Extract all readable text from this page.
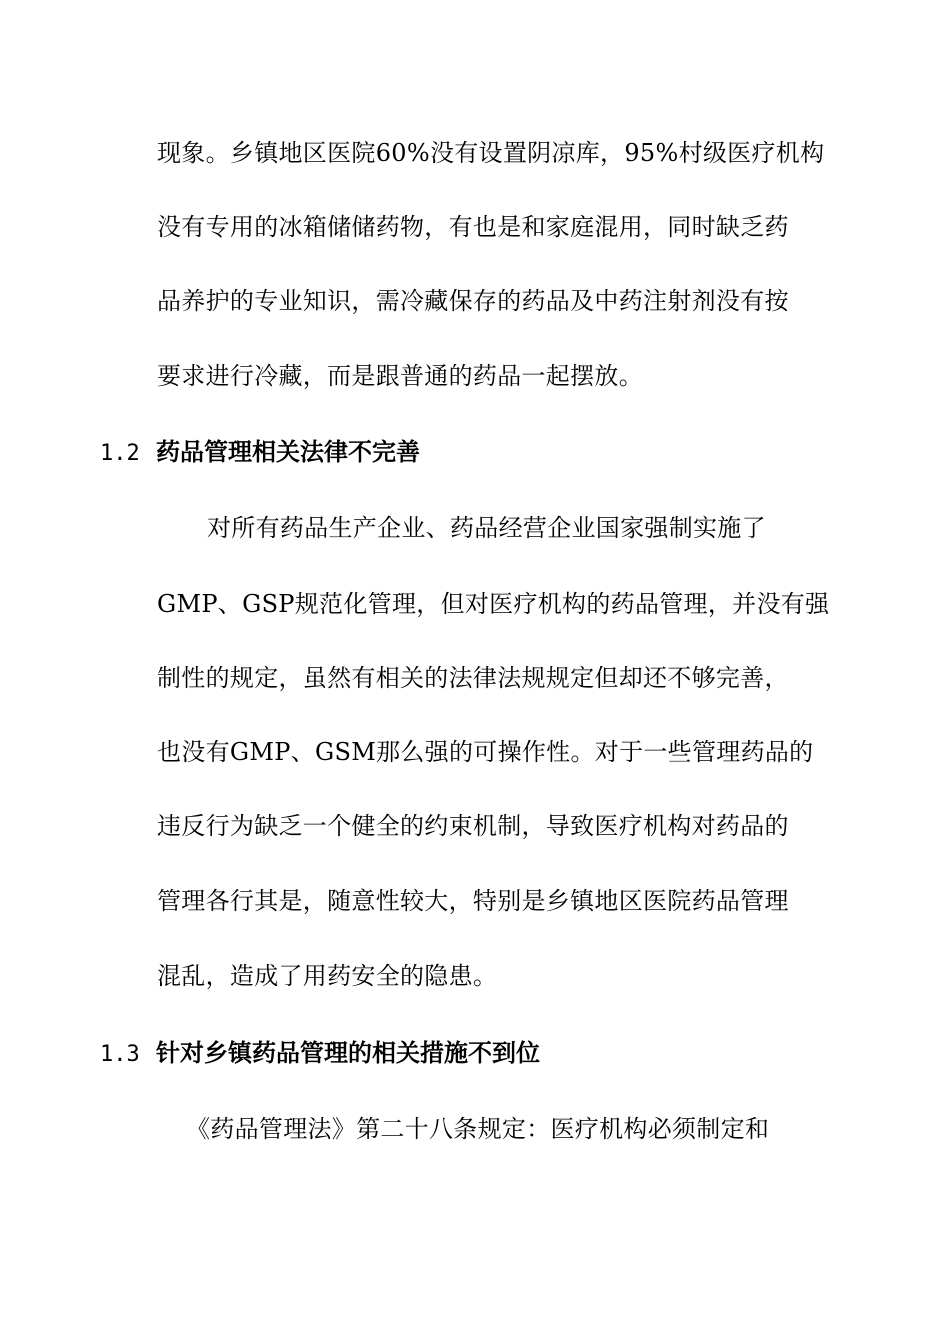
现象。乡镇地区医院60%没有设置阴凉库，95%村级医疗机构
没有专用的冰箱储储药物，有也是和家庭混用，同时缺乏药
品养护的专业知识，需冷藏保存的药品及中药注射剂没有按
要求进行冷藏，而是跟普通的药品一起摆放。
1.2 药品管理相关法律不完善
对所有药品生产企业、药品经营企业国家强制实施了
GMP、GSP规范化管理，但对医疗机构的药品管理，并没有强
制性的规定，虽然有相关的法律法规规定但却还不够完善，
也没有GMP、GSM那么强的可操作性。对于一些管理药品的
违反行为缺乏一个健全的约束机制，导致医疗机构对药品的
管理各行其是，随意性较大，特别是乡镇地区医院药品管理
混乱，造成了用药安全的隐患。
1.3 针对乡镇药品管理的相关措施不到位
《药品管理法》第二十八条规定：医疗机构必须制定和
